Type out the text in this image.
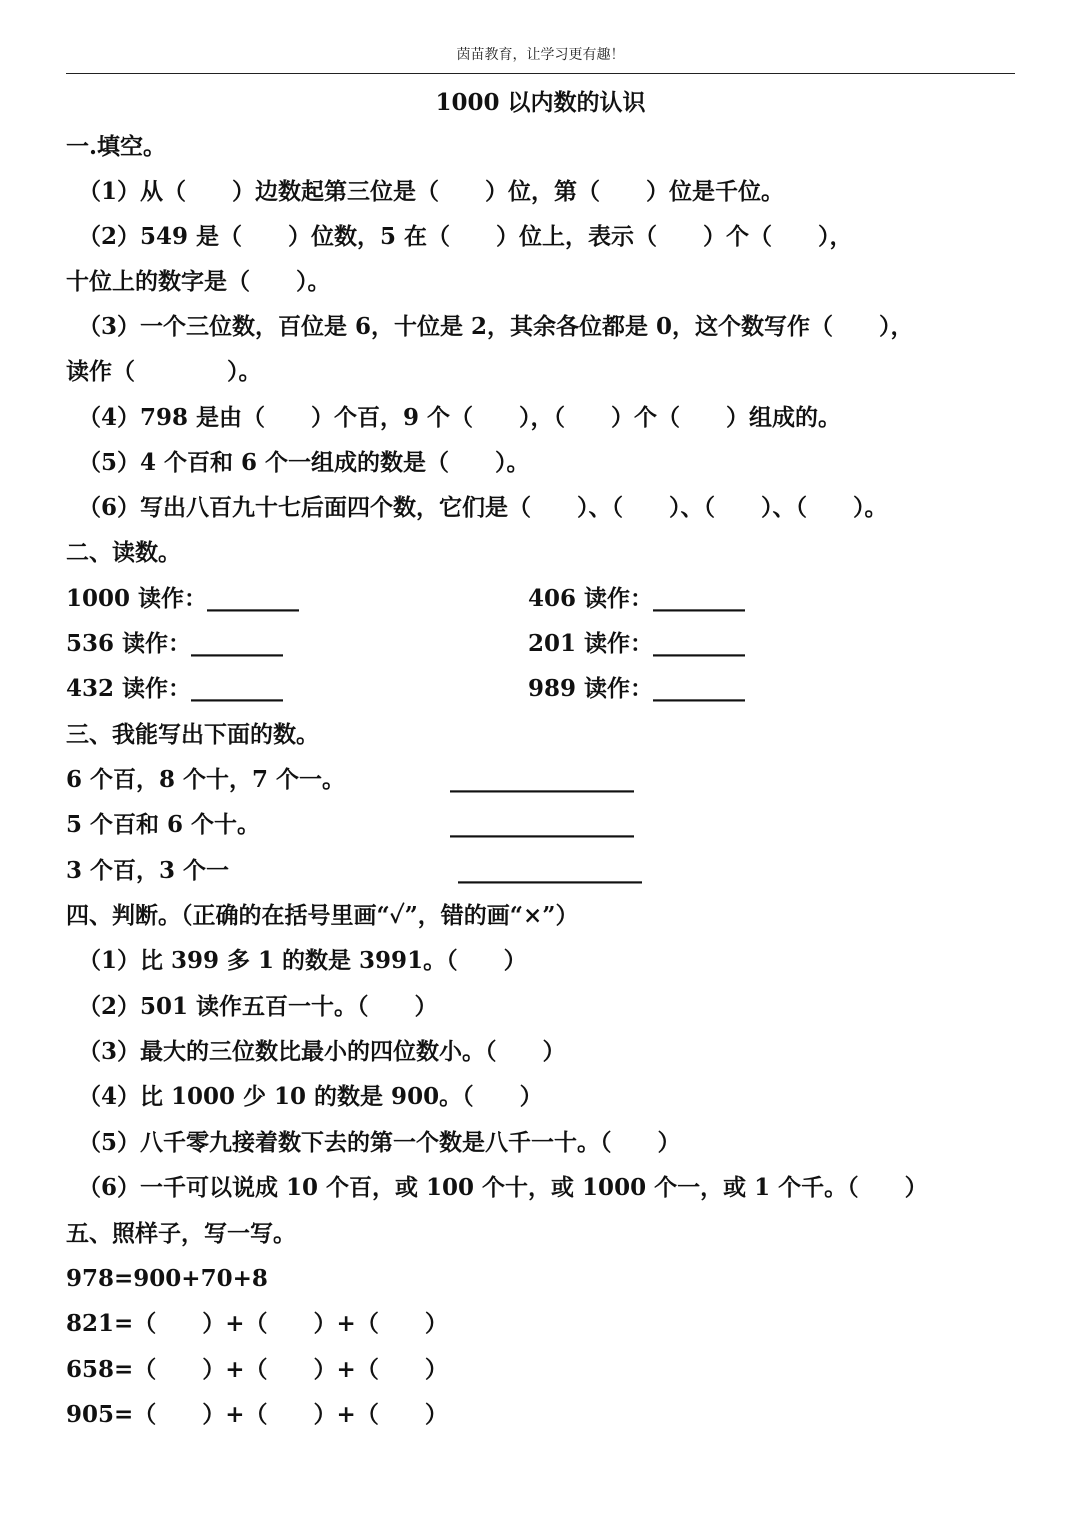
茵苗教育，让学习更有趣！
1000 以内数的认识
一.填空。
（1）从（　　）边数起第三位是（　　）位，第（　　）位是千位。
（2）549 是（　　）位数，5 在（　　）位上，表示（　　）个（　　），
十位上的数字是（　　）。
（3）一个三位数，百位是 6，十位是 2，其余各位都是 0，这个数写作（　　），
读作（　　　　）。
（4）798 是由（　　）个百，9 个（　　），（　　）个（　　）组成的。
（5）4 个百和 6 个一组成的数是（　　）。
（6）写出八百九十七后面四个数，它们是（　　）、（　　）、（　　）、（　　）。
二、读数。
1000 读作：________	406 读作：________
536 读作：________	201 读作：________
432 读作：________	989 读作：________
三、我能写出下面的数。
6 个百，8 个十，7 个一。	________________
5 个百和 6 个十。	________________
3 个百，3 个一	________________
四、判断。（正确的在括号里画“✓”，错的画“×”）
（1）比 399 多 1 的数是 3991。（　　）
（2）501 读作五百一十。（　　）
（3）最大的三位数比最小的四位数小。（　　）
（4）比 1000 少 10 的数是 900。（　　）
（5）八千零九接着数下去的第一个数是八千一十。（　　）
（6）一千可以说成 10 个百，或 100 个十，或 1000 个一，或 1 个千。（　　）
五、照样子，写一写。
978=900+70+8
821=（　　）+（　　）+（　　）
658=（　　）+（　　）+（　　）
905=（　　）+（　　）+（　　）
